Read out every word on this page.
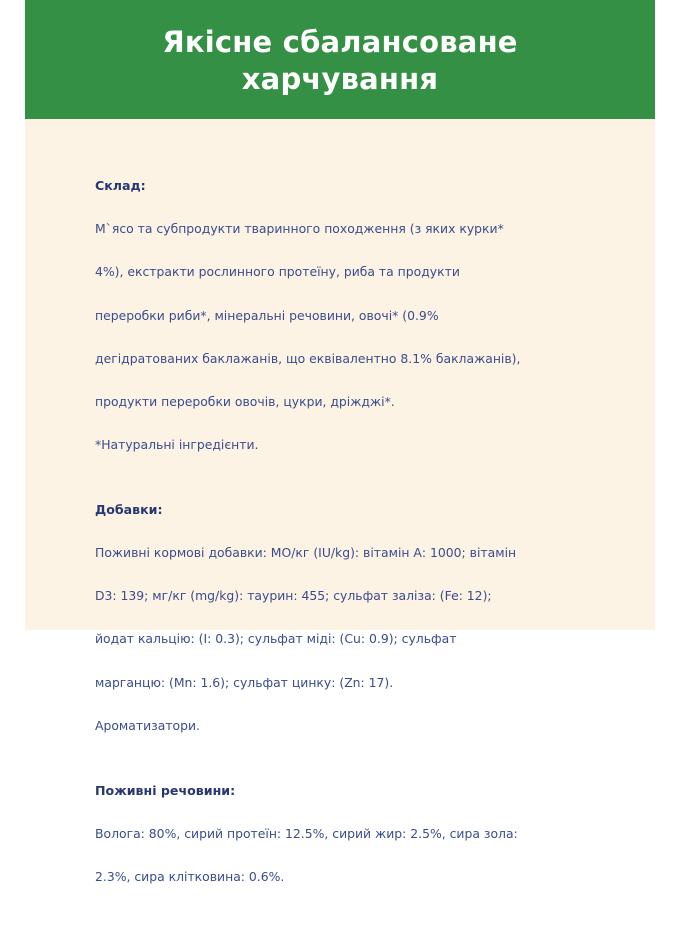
Якісне сбалансоване
харчування

Склад:

М`ясо та субпродукти тваринного походження (з яких курки*

4%), екстракти рослинного протеїну, риба та продукти

переробки риби*, мінеральні речовини, овочі* (0.9%

дегідратованих баклажанів, що еквівалентно 8.1% баклажанів),

продукти переробки овочів, цукри, дріжджі*.

*Натуральні інгредієнти.

Добавки:

Поживні кормові добавки: МО/кг (IU/kg): вітамін А: 1000; вітамін

D3: 139; мг/кг (mg/kg): таурин: 455; сульфат заліза: (Fe: 12);

йодат кальцію: (I: 0.3); сульфат міді: (Cu: 0.9); сульфат

марганцю: (Mn: 1.6); сульфат цинку: (Zn: 17).

Ароматизатори.

Поживні речовини:

Волога: 80%, сирий протеїн: 12.5%, сирий жир: 2.5%, сира зола:

2.3%, сира клітковина: 0.6%.
